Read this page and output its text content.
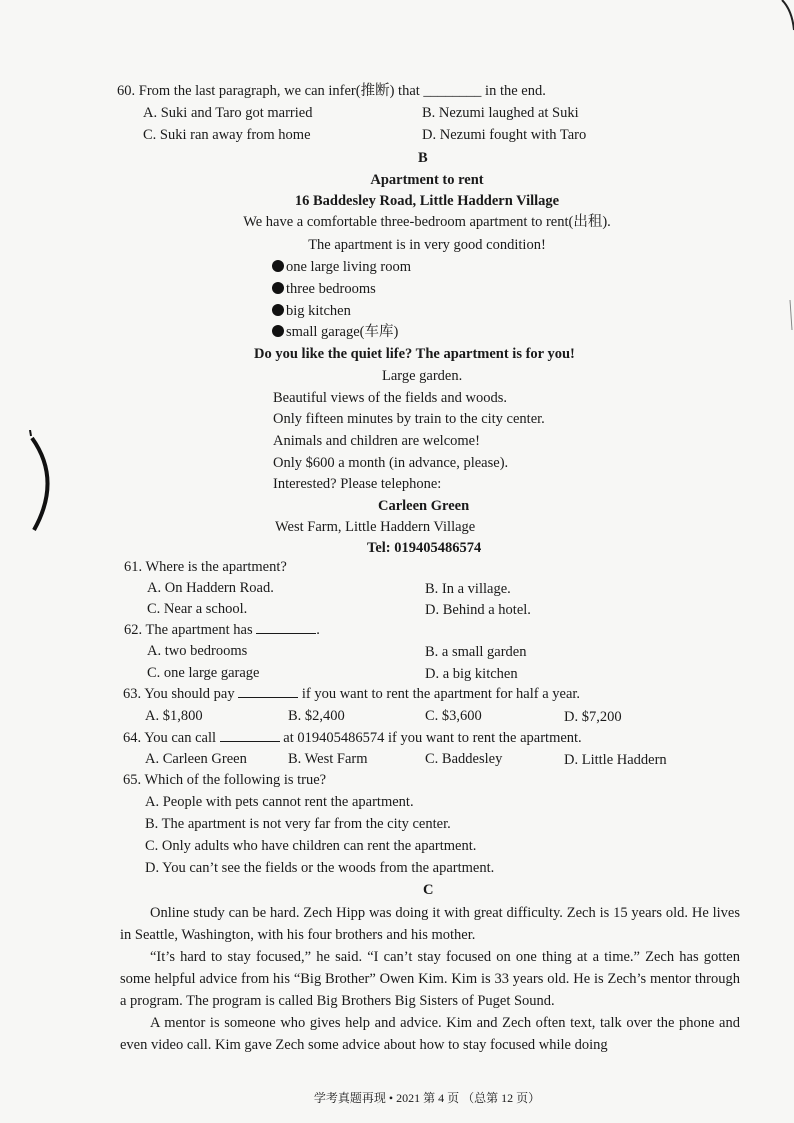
60. From the last paragraph, we can infer(推断) that ________ in the end.
A. Suki and Taro got married	B. Nezumi laughed at Suki
C. Suki ran away from home	D. Nezumi fought with Taro
B
Apartment to rent
16 Baddesley Road, Little Haddern Village
We have a comfortable three-bedroom apartment to rent(出租).
The apartment is in very good condition!
one large living room
three bedrooms
big kitchen
small garage(车库)
Do you like the quiet life? The apartment is for you!
Large garden.
Beautiful views of the fields and woods.
Only fifteen minutes by train to the city center.
Animals and children are welcome!
Only $600 a month (in advance, please).
Interested? Please telephone:
Carleen Green
West Farm, Little Haddern Village
Tel: 019405486574
61. Where is the apartment?
A. On Haddern Road.	B. In a village.
C. Near a school.	D. Behind a hotel.
62. The apartment has	.
A. two bedrooms	B. a small garden
C. one large garage	D. a big kitchen
63. You should pay	if you want to rent the apartment for half a year.
A. $1,800	B. $2,400	C. $3,600	D. $7,200
64. You can call	at 019405486574 if you want to rent the apartment.
A. Carleen Green	B. West Farm	C. Baddesley	D. Little Haddern
65. Which of the following is true?
A. People with pets cannot rent the apartment.
B. The apartment is not very far from the city center.
C. Only adults who have children can rent the apartment.
D. You can’t see the fields or the woods from the apartment.
C

Online study can be hard. Zech Hipp was doing it with great difficulty. Zech is 15 years old. He lives in Seattle, Washington, with his four brothers and his mother.

“It’s hard to stay focused,” he said. “I can’t stay focused on one thing at a time.” Zech has gotten some helpful advice from his “Big Brother” Owen Kim. Kim is 33 years old. He is Zech’s mentor through a program. The program is called Big Brothers Big Sisters of Puget Sound.

A mentor is someone who gives help and advice. Kim and Zech often text, talk over the phone and even video call. Kim gave Zech some advice about how to stay focused while doing

学考真题再现 • 2021 第 4 页 （总第 12 页）
